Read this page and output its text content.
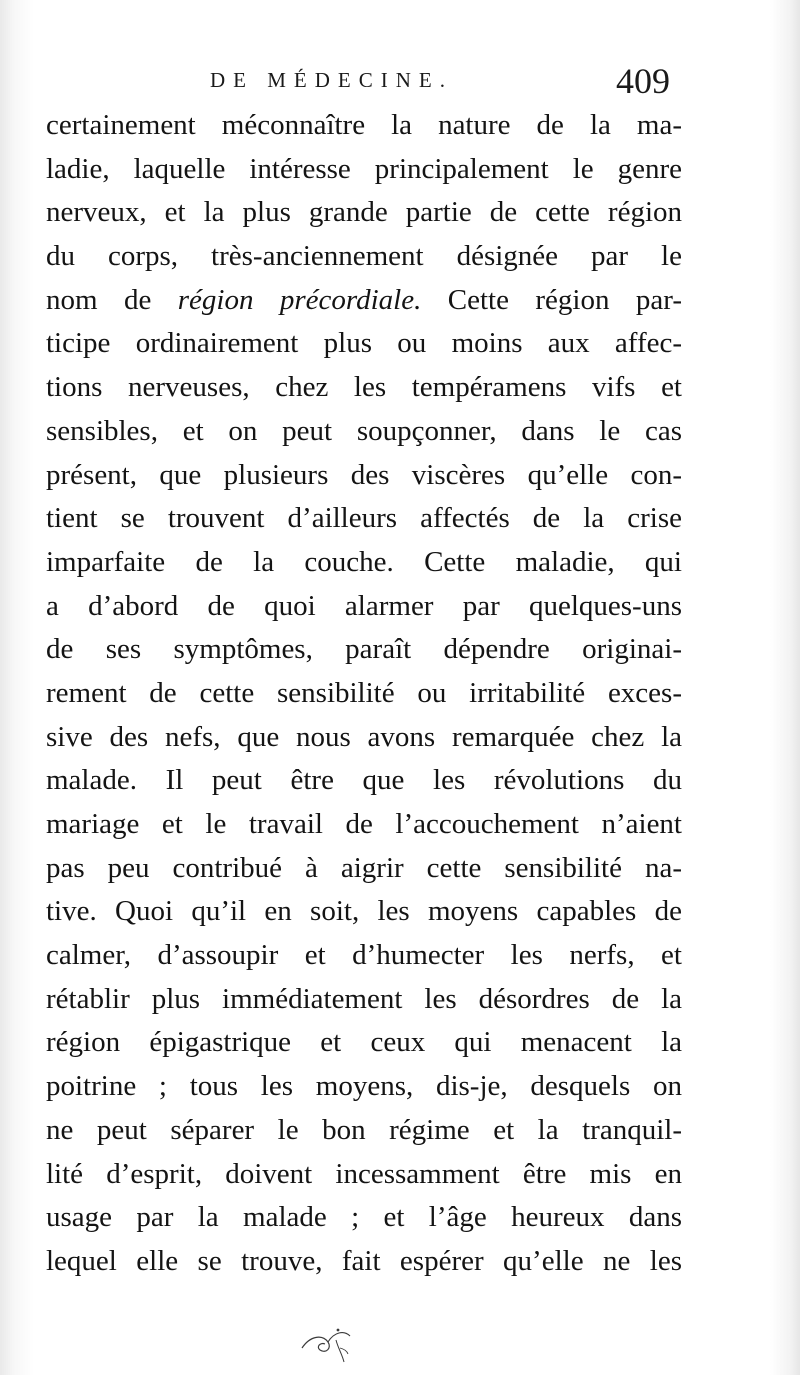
DE MÉDECINE.	409
certainement méconnaître la nature de la ma-
ladie, laquelle intéresse principalement le genre
nerveux, et la plus grande partie de cette région
du corps, très-anciennement désignée par le
nom de région précordiale. Cette région par-
ticipe ordinairement plus ou moins aux affec-
tions nerveuses, chez les tempéramens vifs et
sensibles, et on peut soupçonner, dans le cas
présent, que plusieurs des viscères qu’elle con-
tient se trouvent d’ailleurs affectés de la crise
imparfaite de la couche. Cette maladie, qui
a d’abord de quoi alarmer par quelques-uns
de ses symptômes, paraît dépendre originai-
rement de cette sensibilité ou irritabilité exces-
sive des nefs, que nous avons remarquée chez la
malade. Il peut être que les révolutions du
mariage et le travail de l’accouchement n’aient
pas peu contribué à aigrir cette sensibilité na-
tive. Quoi qu’il en soit, les moyens capables de
calmer, d’assoupir et d’humecter les nerfs, et
rétablir plus immédiatement les désordres de la
région épigastrique et ceux qui menacent la
poitrine ; tous les moyens, dis-je, desquels on
ne peut séparer le bon régime et la tranquil-
lité d’esprit, doivent incessamment être mis en
usage par la malade ; et l’âge heureux dans
lequel elle se trouve, fait espérer qu’elle ne les
